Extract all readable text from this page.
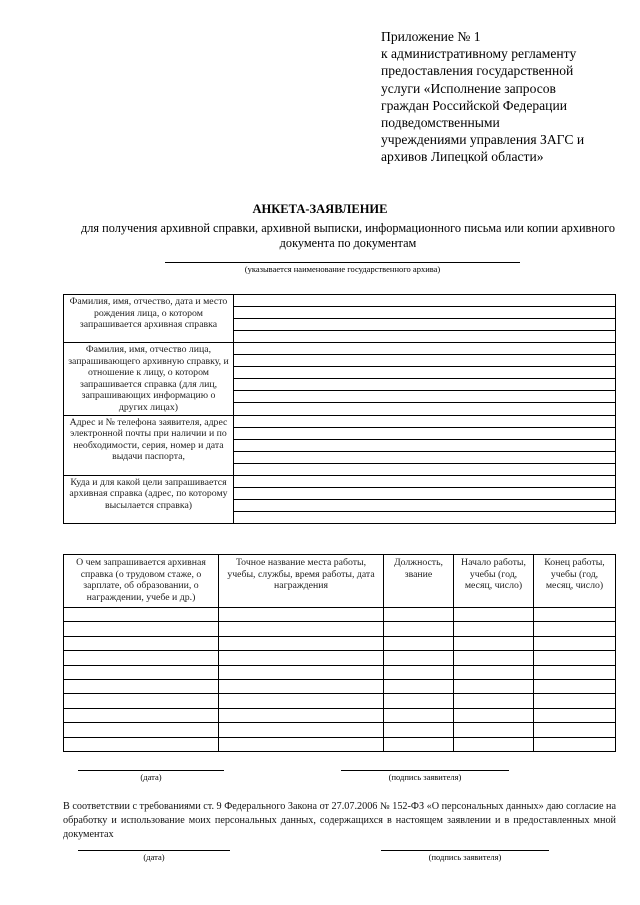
Приложение № 1
к административному регламенту
предоставления государственной
услуги «Исполнение запросов
граждан Российской Федерации
подведомственными
учреждениями управления ЗАГС и
архивов Липецкой области»
АНКЕТА-ЗАЯВЛЕНИЕ
для получения архивной справки, архивной выписки, информационного письма или копии архивного документа по документам
(указывается наименование государственного архива)
Фамилия, имя, отчество, дата и место рождения лица, о котором запрашивается архивная справка	

Фамилия, имя, отчество лица, запрашивающего архивную справку, и отношение к лицу, о котором запрашивается справка (для лиц, запрашивающих информацию о других лицах)	

Адрес и № телефона заявителя, адрес электронной почты при наличии и по необходимости, серия, номер и дата выдачи паспорта,	

Куда и для какой цели запрашивается архивная справка (адрес, по которому высылается справка)	

О чем запрашивается архивная справка (о трудовом стаже, о зарплате, об образовании, о награждении, учебе и др.)	Точное название места работы, учебы, службы, время работы, дата награждения	Должность, звание	Начало работы, учебы (год, месяц, число)	Конец работы, учебы (год, месяц, число)

(дата)	(подпись заявителя)
В соответствии с требованиями ст. 9 Федерального Закона от 27.07.2006 № 152-ФЗ «О персональных данных» даю согласие на обработку и использование моих персональных данных, содержащихся в настоящем заявлении и в предоставленных мной документах
(дата)	(подпись заявителя)
